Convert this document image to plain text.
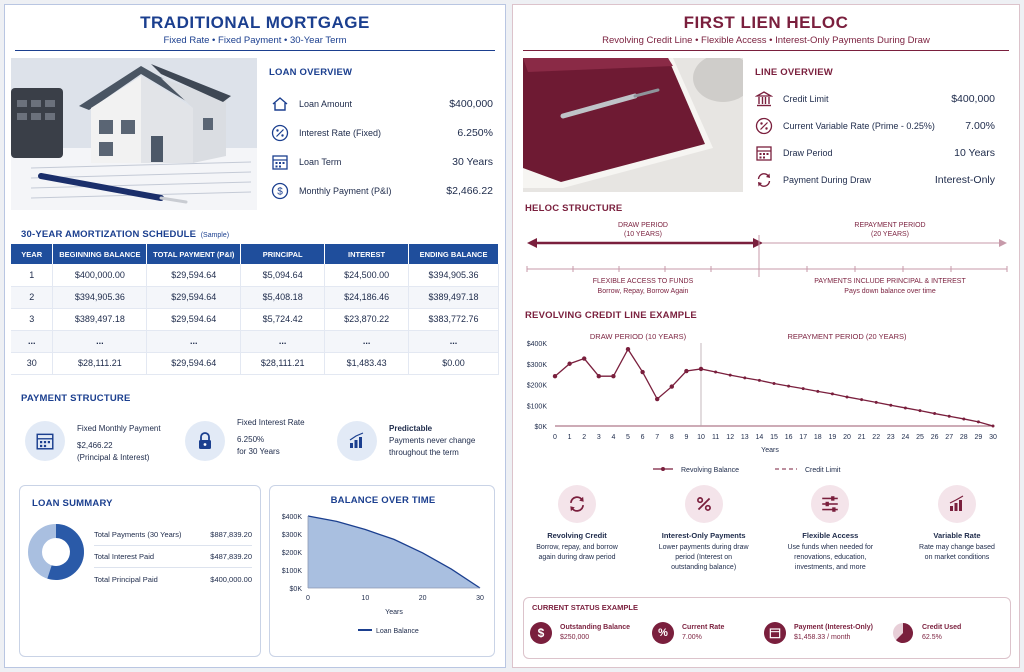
TRADITIONAL MORTGAGE
Fixed Rate • Fixed Payment • 30-Year Term
LOAN OVERVIEW
Loan Amount	$400,000
Interest Rate (Fixed)	6.250%
Loan Term	30 Years
$ Monthly Payment (P&I)	$2,466.22
30-YEAR AMORTIZATION SCHEDULE (Sample)
YEAR	BEGINNING BALANCE	TOTAL PAYMENT (P&I)	PRINCIPAL	INTEREST	ENDING BALANCE
1	$400,000.00	$29,594.64	$5,094.64	$24,500.00	$394,905.36
2	$394,905.36	$29,594.64	$5,408.18	$24,186.46	$389,497.18
3	$389,497.18	$29,594.64	$5,724.42	$23,870.22	$383,772.76
...	...	...	...	...	...
30	$28,111.21	$29,594.64	$28,111.21	$1,483.43	$0.00
PAYMENT STRUCTURE
Fixed Monthly Payment
$2,466.22
(Principal & Interest)
Fixed Interest Rate
6.250%
for 30 Years
Predictable
Payments never change
throughout the term
LOAN SUMMARY
Total Payments (30 Years)	$887,839.20
Total Interest Paid	$487,839.20
Total Principal Paid	$400,000.00
BALANCE OVER TIME
$0K
$100K
$200K
$300K
$400K
0	10	20	30
Years
Loan Balance
FIRST LIEN HELOC
Revolving Credit Line • Flexible Access • Interest-Only Payments During Draw
LINE OVERVIEW
Credit Limit	$400,000
Current Variable Rate (Prime - 0.25%)	7.00%
Draw Period	10 Years
Payment During Draw	Interest-Only
HELOC STRUCTURE
DRAW PERIOD
(10 YEARS)
REPAYMENT PERIOD
(20 YEARS)
FLEXIBLE ACCESS TO FUNDS
Borrow, Repay, Borrow Again
PAYMENTS INCLUDE PRINCIPAL & INTEREST
Pays down balance over time
REVOLVING CREDIT LINE EXAMPLE
DRAW PERIOD (10 YEARS)	REPAYMENT PERIOD (20 YEARS)
$0K
$100K
$200K
$300K
$400K
0 1 2 3 4 5 6 7 8 9 10 11 12 13 14 15 16 17 18 19 20 21 22 23 24 25 26 27 28 29 30
Years
Revolving Balance	Credit Limit
Revolving Credit
Borrow, repay, and borrow again during draw period
Interest-Only Payments
Lower payments during draw period (Interest on outstanding balance)
Flexible Access
Use funds when needed for renovations, education, investments, and more
Variable Rate
Rate may change based on market conditions
CURRENT STATUS EXAMPLE
$ Outstanding Balance
$250,000	% Current Rate
7.00%
Payment (Interest-Only)
$1,458.33 / month
Credit Used
62.5%
